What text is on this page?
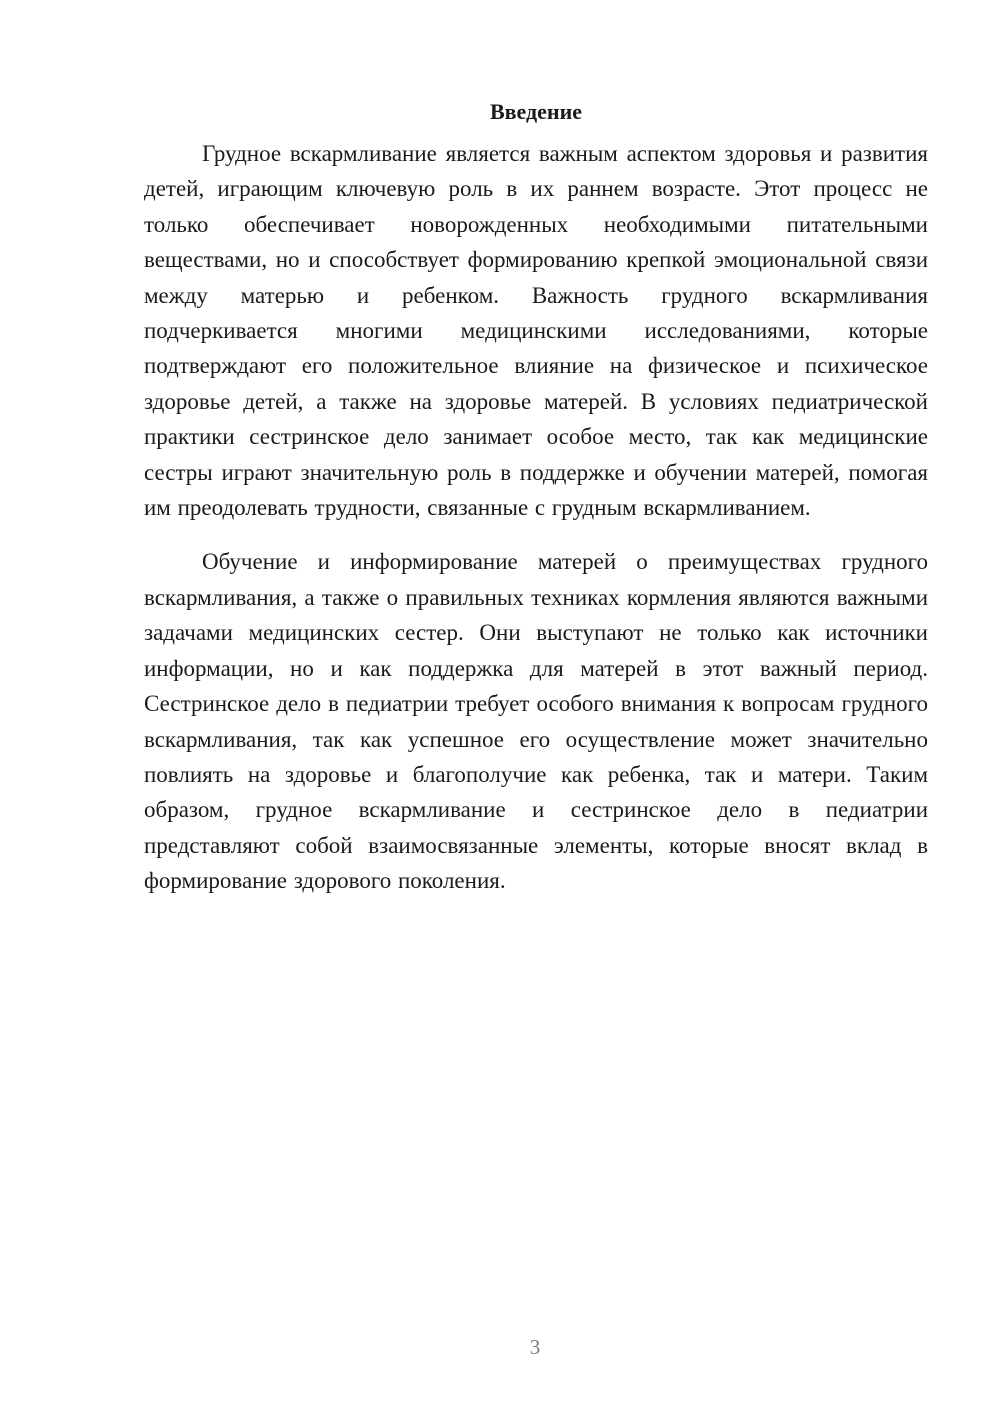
Введение

Грудное вскармливание является важным аспектом здоровья и развития детей, играющим ключевую роль в их раннем возрасте. Этот процесс не только обеспечивает новорожденных необходимыми питательными веществами, но и способствует формированию крепкой эмоциональной связи между матерью и ребенком. Важность грудного вскармливания подчеркивается многими медицинскими исследованиями, которые подтверждают его положительное влияние на физическое и психическое здоровье детей, а также на здоровье матерей. В условиях педиатрической практики сестринское дело занимает особое место, так как медицинские сестры играют значительную роль в поддержке и обучении матерей, помогая им преодолевать трудности, связанные с грудным вскармливанием.

Обучение и информирование матерей о преимуществах грудного вскармливания, а также о правильных техниках кормления являются важными задачами медицинских сестер. Они выступают не только как источники информации, но и как поддержка для матерей в этот важный период. Сестринское дело в педиатрии требует особого внимания к вопросам грудного вскармливания, так как успешное его осуществление может значительно повлиять на здоровье и благополучие как ребенка, так и матери. Таким образом, грудное вскармливание и сестринское дело в педиатрии представляют собой взаимосвязанные элементы, которые вносят вклад в формирование здорового поколения.

3
